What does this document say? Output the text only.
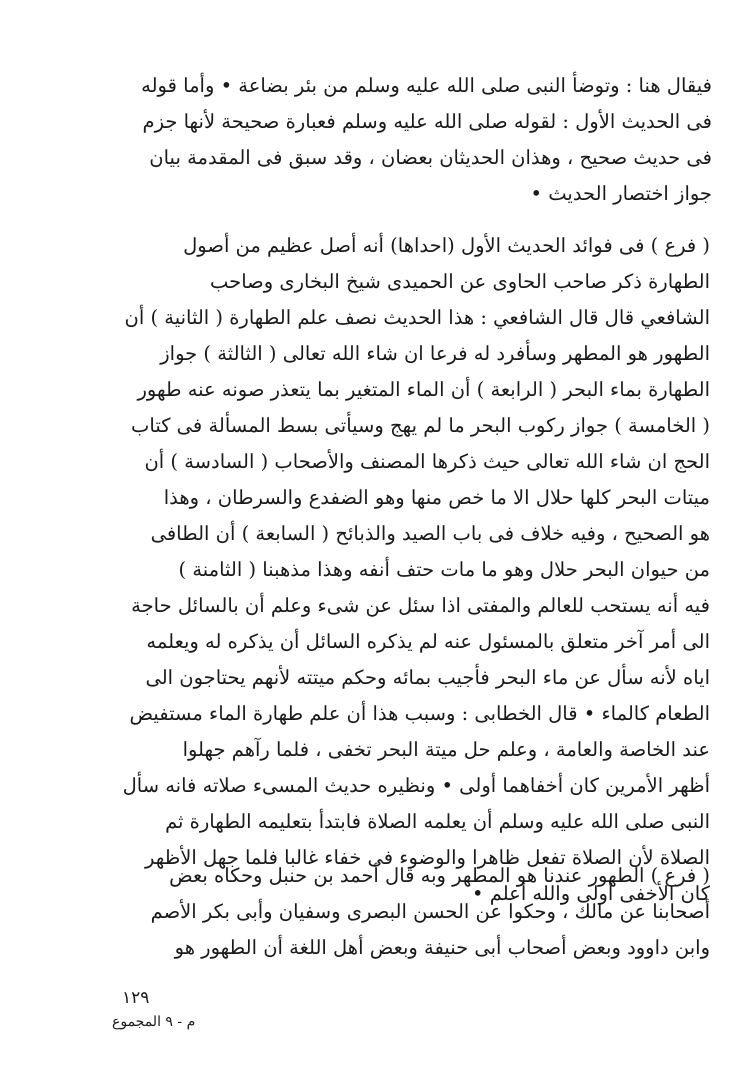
فيقال هنا : وتوضأ النبى صلى الله عليه وسلم من بئر بضاعة • وأما قوله
فى الحديث الأول : لقوله صلى الله عليه وسلم فعبارة صحيحة لأنها جزم
فى حديث صحيح ، وهذان الحديثان بعضان ، وقد سبق فى المقدمة بيان
جواز اختصار الحديث •
( فرع ) فى فوائد الحديث الأول (احداها) أنه أصل عظيم من أصول
الطهارة ذكر صاحب الحاوى عن الحميدى شيخ البخارى وصاحب
الشافعي قال قال الشافعي : هذا الحديث نصف علم الطهارة ( الثانية ) أن
الطهور هو المطهر وسأفرد له فرعا ان شاء الله تعالى ( الثالثة ) جواز
الطهارة بماء البحر ( الرابعة ) أن الماء المتغير بما يتعذر صونه عنه طهور
( الخامسة ) جواز ركوب البحر ما لم يهج وسيأتى بسط المسألة فى كتاب
الحج ان شاء الله تعالى حيث ذكرها المصنف والأصحاب ( السادسة ) أن
ميتات البحر كلها حلال الا ما خص منها وهو الضفدع والسرطان ، وهذا
هو الصحيح ، وفيه خلاف فى باب الصيد والذبائح ( السابعة ) أن الطافى
من حيوان البحر حلال وهو ما مات حتف أنفه وهذا مذهبنا ( الثامنة )
فيه أنه يستحب للعالم والمفتى اذا سئل عن شىء وعلم أن بالسائل حاجة
الى أمر آخر متعلق بالمسئول عنه لم يذكره السائل أن يذكره له ويعلمه
اياه لأنه سأل عن ماء البحر فأجيب بمائه وحكم ميتته لأنهم يحتاجون الى
الطعام كالماء • قال الخطابى : وسبب هذا أن علم طهارة الماء مستفيض
عند الخاصة والعامة ، وعلم حل ميتة البحر تخفى ، فلما رآهم جهلوا
أظهر الأمرين كان أخفاهما أولى • ونظيره حديث المسىء صلاته فانه سأل
النبى صلى الله عليه وسلم أن يعلمه الصلاة فابتدأ بتعليمه الطهارة ثم
الصلاة لأن الصلاة تفعل ظاهرا والوضوء فى خفاء غالبا فلما جهل الأظهر
كان الأخفى أولى والله أعلم •
( فرع ) الطهور عندنا هو المطهر وبه قال أحمد بن حنبل وحكاه بعض
أصحابنا عن مالك ، وحكوا عن الحسن البصرى وسفيان وأبى بكر الأصم
وابن داوود وبعض أصحاب أبى حنيفة وبعض أهل اللغة أن الطهور هو
١٢٩
م - ٩ المجموع
